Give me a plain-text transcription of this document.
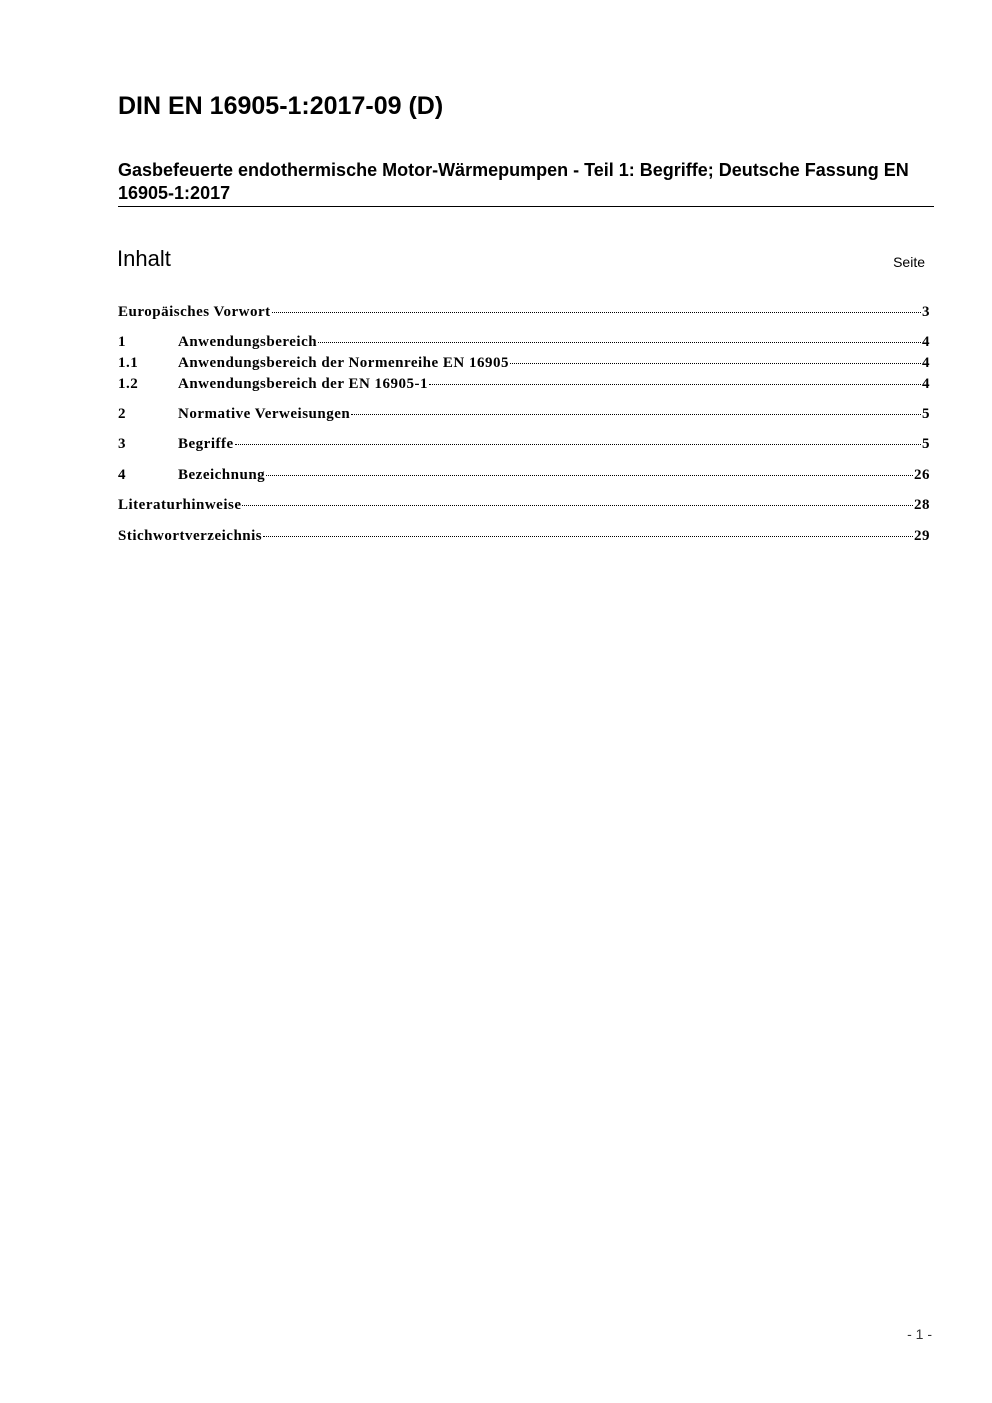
DIN EN 16905-1:2017-09 (D)
Gasbefeuerte endothermische Motor-Wärmepumpen - Teil 1: Begriffe; Deutsche Fassung EN 16905-1:2017
Inhalt	Seite
Europäisches Vorwort	3
1	Anwendungsbereich	4
1.1	Anwendungsbereich der Normenreihe EN 16905	4
1.2	Anwendungsbereich der EN 16905-1	4
2	Normative Verweisungen	5
3	Begriffe	5
4	Bezeichnung	26
Literaturhinweise	28
Stichwortverzeichnis	29
- 1 -
